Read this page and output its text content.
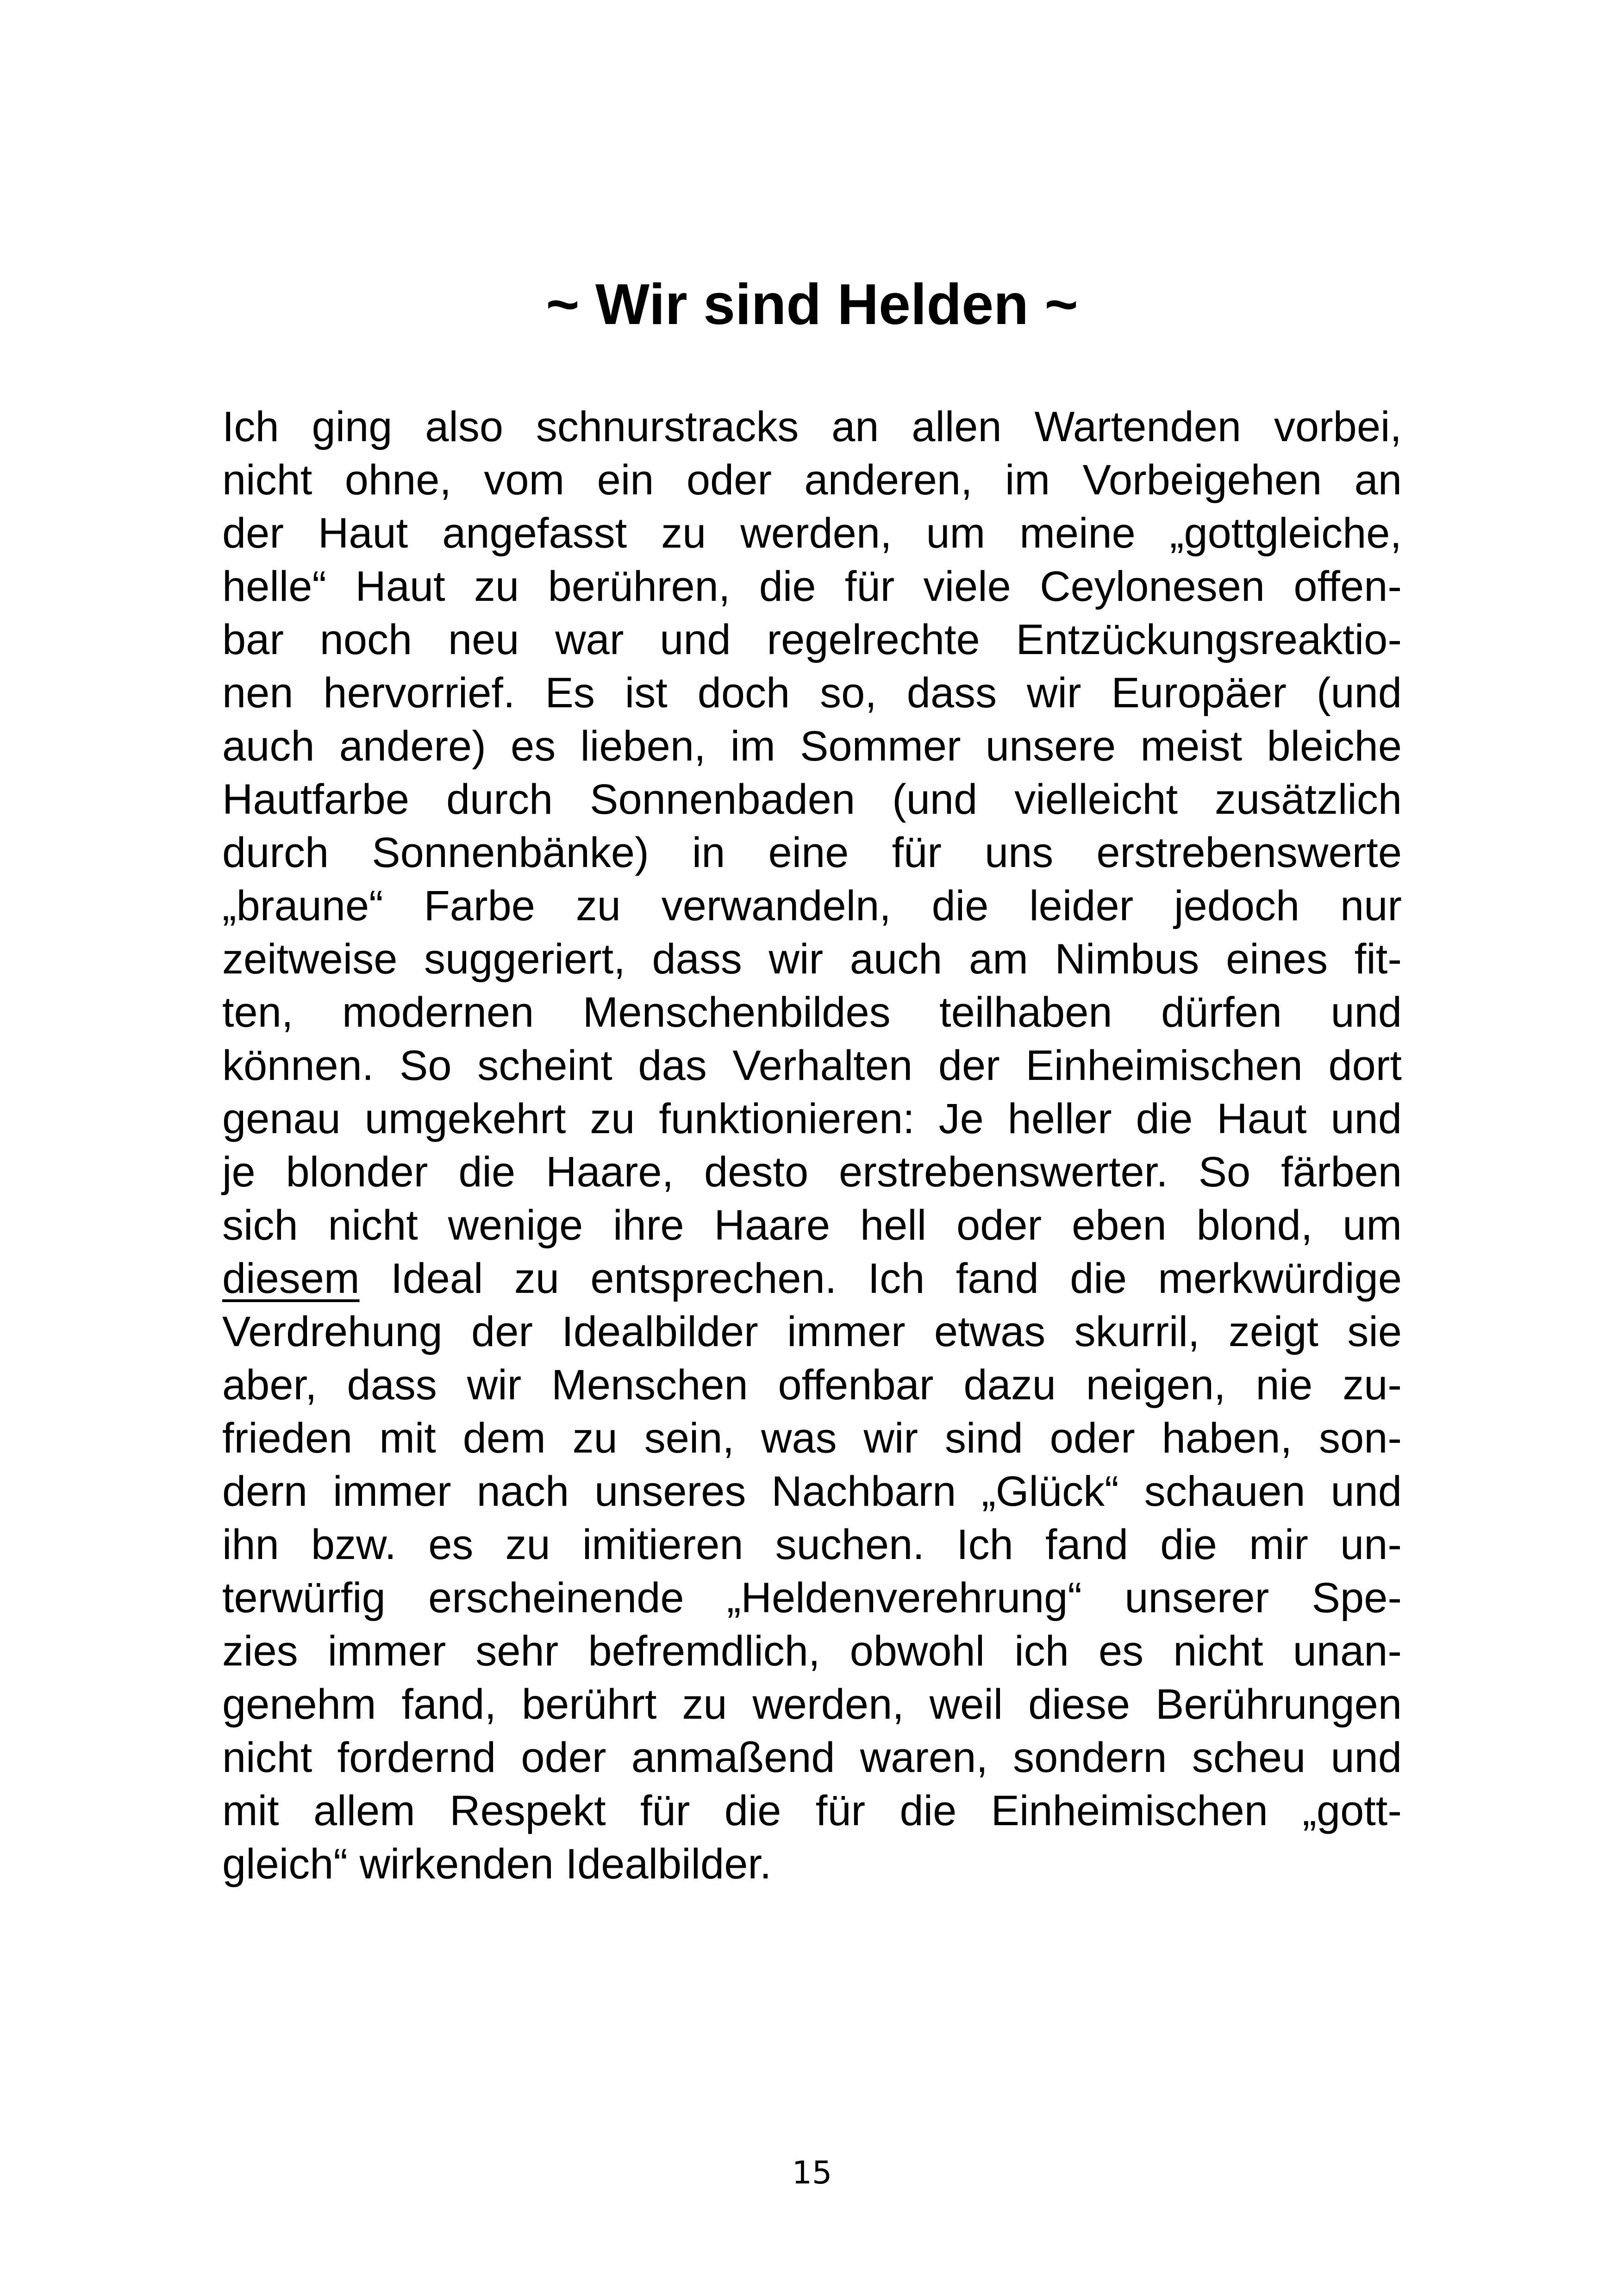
~ Wir sind Helden ~
Ich ging also schnurstracks an allen Wartenden vorbei,
nicht ohne, vom ein oder anderen, im Vorbeigehen an
der Haut angefasst zu werden, um meine „gottgleiche,
helle“ Haut zu berühren, die für viele Ceylonesen offen-
bar noch neu war und regelrechte Entzückungsreaktio-
nen hervorrief. Es ist doch so, dass wir Europäer (und
auch andere) es lieben, im Sommer unsere meist bleiche
Hautfarbe durch Sonnenbaden (und vielleicht zusätzlich
durch Sonnenbänke) in eine für uns erstrebenswerte
„braune“ Farbe zu verwandeln, die leider jedoch nur
zeitweise suggeriert, dass wir auch am Nimbus eines fit-
ten, modernen Menschenbildes teilhaben dürfen und
können. So scheint das Verhalten der Einheimischen dort
genau umgekehrt zu funktionieren: Je heller die Haut und
je blonder die Haare, desto erstrebenswerter. So färben
sich nicht wenige ihre Haare hell oder eben blond, um
diesem Ideal zu entsprechen. Ich fand die merkwürdige
Verdrehung der Idealbilder immer etwas skurril, zeigt sie
aber, dass wir Menschen offenbar dazu neigen, nie zu-
frieden mit dem zu sein, was wir sind oder haben, son-
dern immer nach unseres Nachbarn „Glück“ schauen und
ihn bzw. es zu imitieren suchen. Ich fand die mir un-
terwürfig erscheinende „Heldenverehrung“ unserer Spe-
zies immer sehr befremdlich, obwohl ich es nicht unan-
genehm fand, berührt zu werden, weil diese Berührungen
nicht fordernd oder anmaßend waren, sondern scheu und
mit allem Respekt für die für die Einheimischen „gott-
gleich“ wirkenden Idealbilder.
15
